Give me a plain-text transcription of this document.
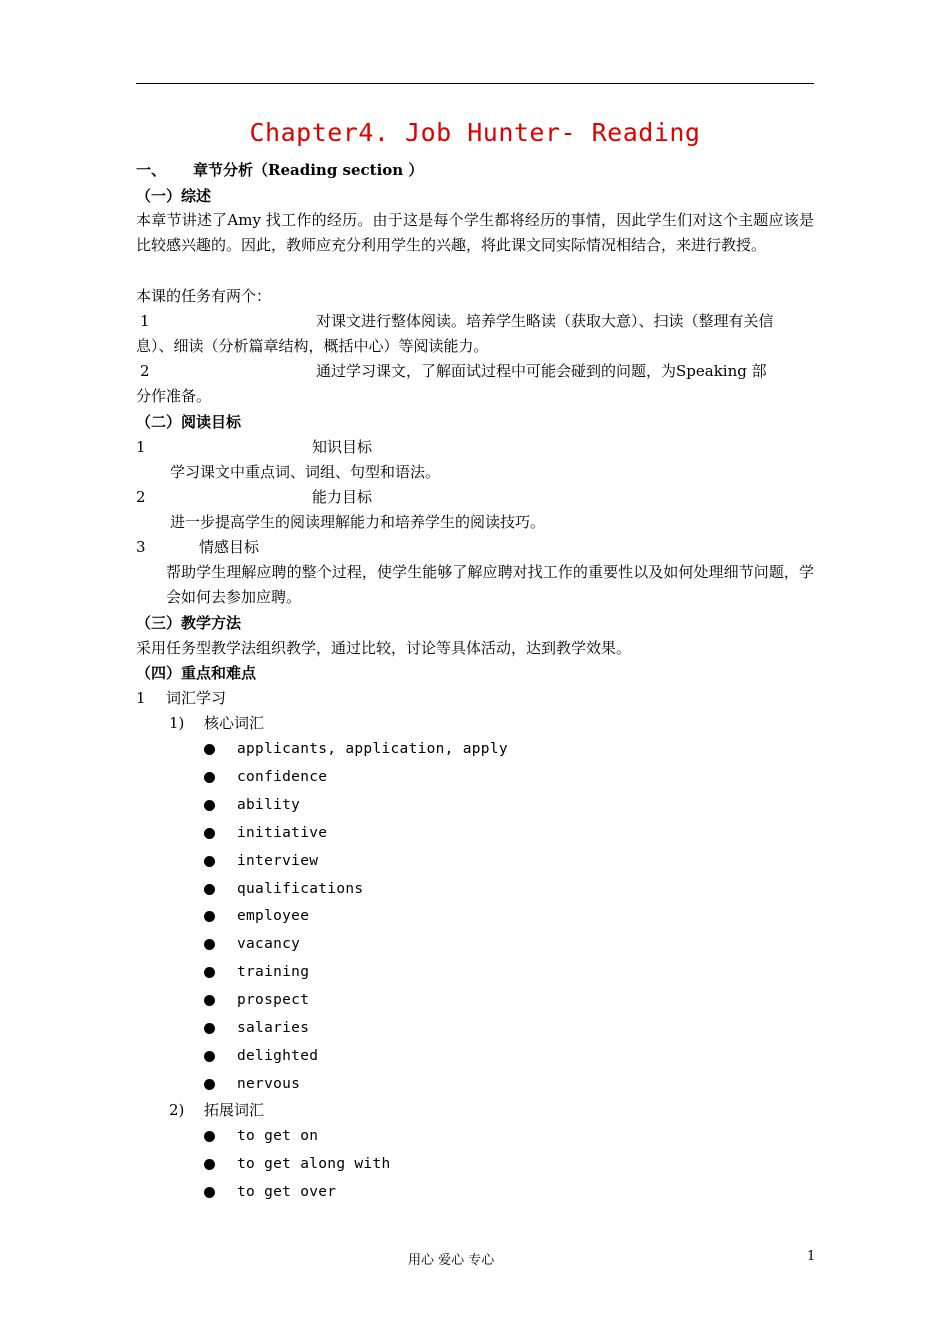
Chapter4. Job Hunter- Reading
一、 章节分析（Reading section ）
（一）综述
本章节讲述了Amy 找工作的经历。由于这是每个学生都将经历的事情，因此学生们对这个主题应该是比较感兴趣的。因此，教师应充分利用学生的兴趣，将此课文同实际情况相结合，来进行教授。
本课的任务有两个：
1	对课文进行整体阅读。培养学生略读（获取大意）、扫读（整理有关信
息）、细读（分析篇章结构，概括中心）等阅读能力。
2	通过学习课文，了解面试过程中可能会碰到的问题，为Speaking 部
分作准备。
（二）阅读目标
1	知识目标
学习课文中重点词、词组、句型和语法。
2	能力目标
进一步提高学生的阅读理解能力和培养学生的阅读技巧。
3	情感目标
帮助学生理解应聘的整个过程，使学生能够了解应聘对找工作的重要性以及如何处理细节问题，学会如何去参加应聘。
（三）教学方法
采用任务型教学法组织教学，通过比较，讨论等具体活动，达到教学效果。
（四）重点和难点
1 词汇学习
1) 核心词汇
applicants, application, apply
confidence
ability
initiative
interview
qualifications
employee
vacancy
training
prospect
salaries
delighted
nervous
2) 拓展词汇
to get on
to get along with
to get over
用心 爱心 专心	1
